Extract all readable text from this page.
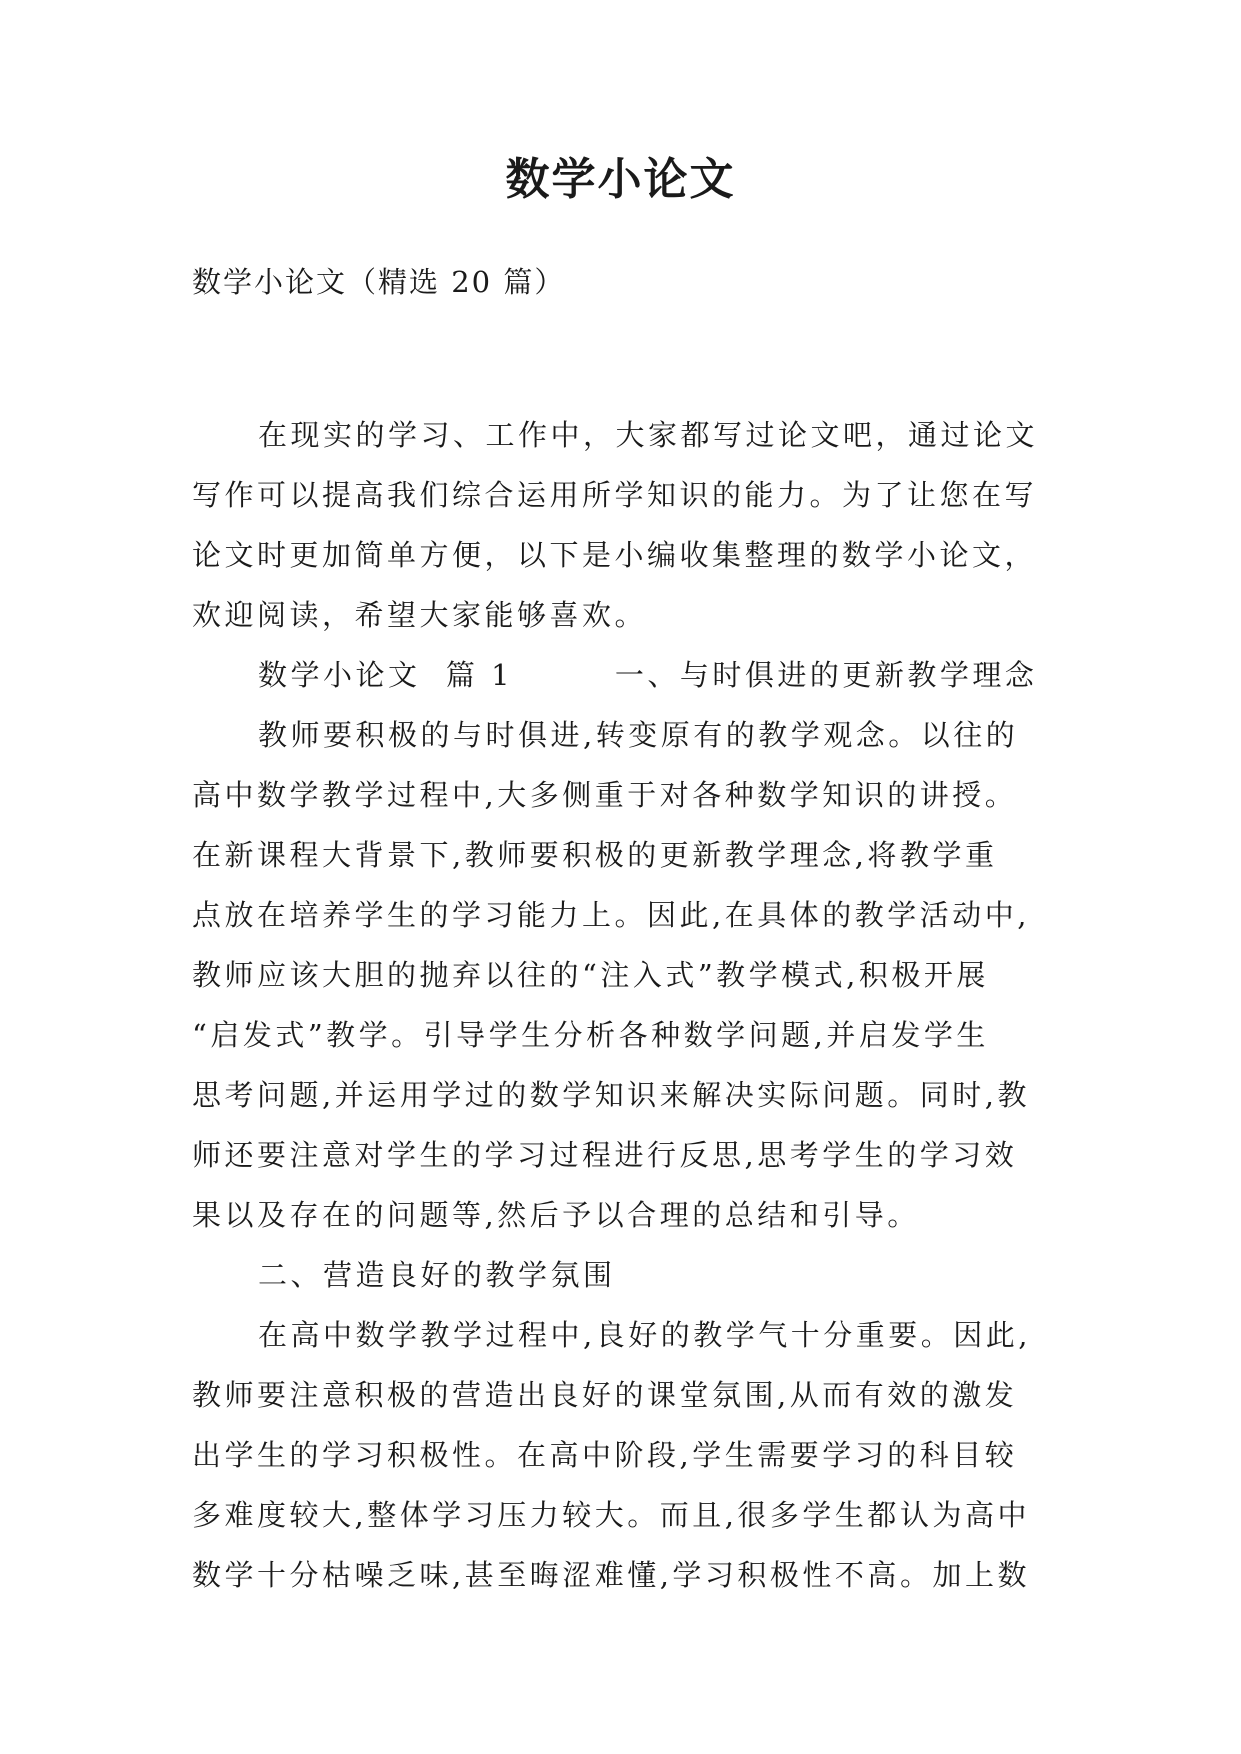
数学小论文
数学小论文（精选 20 篇）
在现实的学习、工作中，大家都写过论文吧，通过论文
写作可以提高我们综合运用所学知识的能力。为了让您在写
论文时更加简单方便，以下是小编收集整理的数学小论文，
欢迎阅读，希望大家能够喜欢。
数学小论文  篇 1        一、与时俱进的更新教学理念
教师要积极的与时俱进,转变原有的教学观念。以往的
高中数学教学过程中,大多侧重于对各种数学知识的讲授。
在新课程大背景下,教师要积极的更新教学理念,将教学重
点放在培养学生的学习能力上。因此,在具体的教学活动中,
教师应该大胆的抛弃以往的“注入式”教学模式,积极开展
“启发式”教学。引导学生分析各种数学问题,并启发学生
思考问题,并运用学过的数学知识来解决实际问题。同时,教
师还要注意对学生的学习过程进行反思,思考学生的学习效
果以及存在的问题等,然后予以合理的总结和引导。
二、营造良好的教学氛围
在高中数学教学过程中,良好的教学气十分重要。因此,
教师要注意积极的营造出良好的课堂氛围,从而有效的激发
出学生的学习积极性。在高中阶段,学生需要学习的科目较
多难度较大,整体学习压力较大。而且,很多学生都认为高中
数学十分枯噪乏味,甚至晦涩难懂,学习积极性不高。加上数
